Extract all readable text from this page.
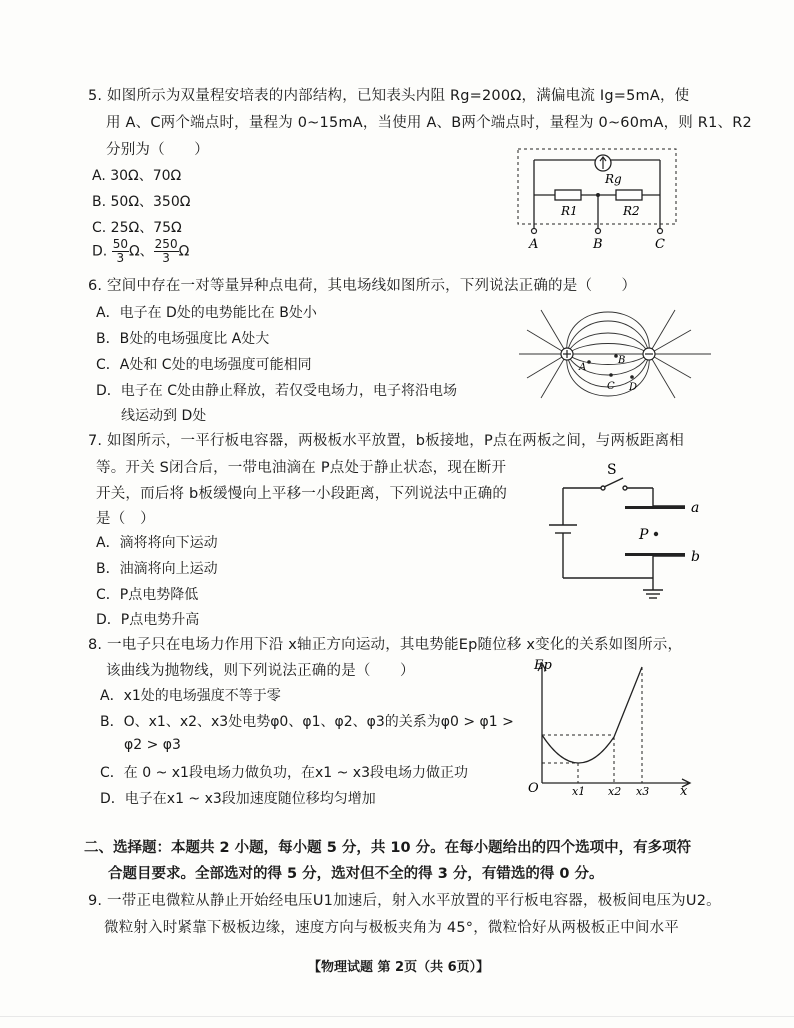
5. 如图所示为双量程安培表的内部结构，已知表头内阻 Rg=200Ω，满偏电流 Ig=5mA，使
用 A、C两个端点时，量程为 0~15mA，当使用 A、B两个端点时，量程为 0~60mA，则 R1、R2
分别为（　　）
A. 30Ω、70Ω
B. 50Ω、350Ω
C. 25Ω、75Ω
D. $\frac{50}{3}$ Ω、 $\frac{250}{3}$ Ω
Rg
R1	R2
A	B	C
6. 空间中存在一对等量异种点电荷，其电场线如图所示，下列说法正确的是（　　）
A．电子在 D处的电势能比在 B处小
B．B处的电场强度比 A处大
C．A处和 C处的电场强度可能相同
D．电子在 C处由静止释放，若仅受电场力，电子将沿电场
线运动到 D处
A
B
C D
7. 如图所示，一平行板电容器，两极板水平放置，b板接地，P点在两板之间，与两板距离相
等。开关 S闭合后，一带电油滴在 P点处于静止状态，现在断开
开关，而后将 b板缓慢向上平移一小段距离，下列说法中正确的
是（　）
A．滴将将向下运动
B．油滴将向上运动
C．P点电势降低
D．P点电势升高
S
a
b
P
8. 一电子只在电场力作用下沿 x轴正方向运动，其电势能Ep随位移 x变化的关系如图所示，
该曲线为抛物线，则下列说法正确的是（　　）
A．x1处的电场强度不等于零
B．O、x1、x2、x3处电势φ0、φ1、φ2、φ3的关系为φ0 > φ1 >
φ2 > φ3
C．在 0 ~ x1段电场力做负功，在x1 ~ x3段电场力做正功
D．电子在x1 ~ x3段加速度随位移均匀增加
Ep
O	x1 x2 x3 x
二、选择题：本题共 2 小题，每小题 5 分，共 10 分。在每小题给出的四个选项中，有多项符
合题目要求。全部选对的得 5 分，选对但不全的得 3 分，有错选的得 0 分。
9. 一带正电微粒从静止开始经电压U1加速后，射入水平放置的平行板电容器，极板间电压为U2。
微粒射入时紧靠下极板边缘，速度方向与极板夹角为 45°，微粒恰好从两极板正中间水平
【物理试题 第 2页（共 6页）】
